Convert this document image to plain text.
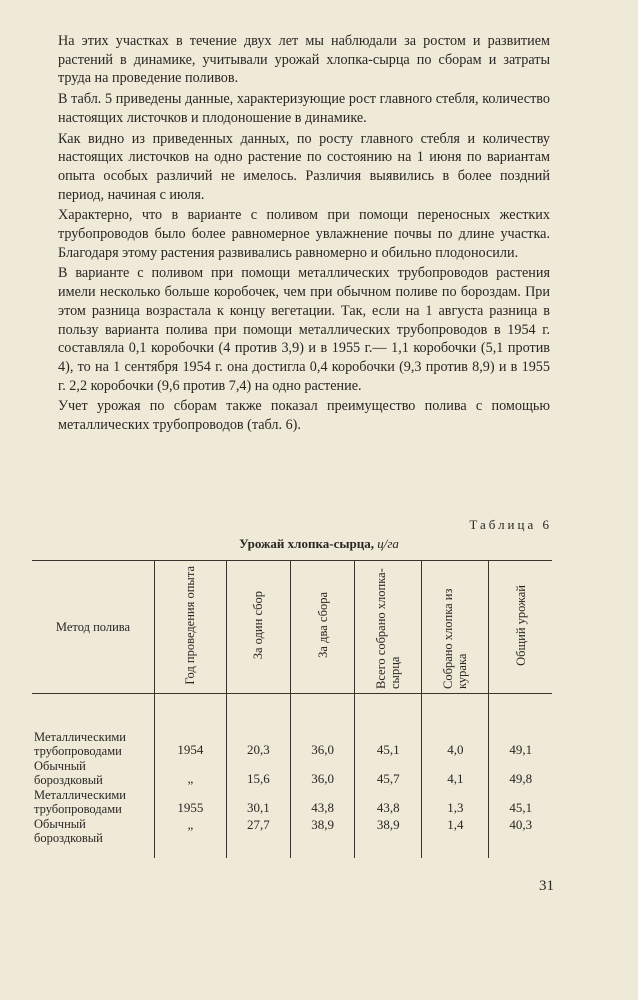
На этих участках в течение двух лет мы наблюдали за ростом и развитием растений в динамике, учитывали урожай хлопка-сырца по сборам и затраты труда на проведение поливов.

В табл. 5 приведены данные, характеризующие рост главного стебля, количество настоящих листочков и плодоношение в динамике.

Как видно из приведенных данных, по росту главного стебля и количеству настоящих листочков на одно растение по состоянию на 1 июня по вариантам опыта особых различий не имелось. Различия выявились в более поздний период, начиная с июля.

Характерно, что в варианте с поливом при помощи переносных жестких трубопроводов было более равномерное увлажнение почвы по длине участка. Благодаря этому растения развивались равномерно и обильно плодоносили.

В варианте с поливом при помощи металлических трубопроводов растения имели несколько больше коробочек, чем при обычном поливе по бороздам. При этом разница возрастала к концу вегетации. Так, если на 1 августа разница в пользу варианта полива при помощи металлических трубопроводов в 1954 г. составляла 0,1 коробочки (4 против 3,9) и в 1955 г.— 1,1 коробочки (5,1 против 4), то на 1 сентября 1954 г. она достигла 0,4 коробочки (9,3 против 8,9) и в 1955 г. 2,2 коробочки (9,6 против 7,4) на одно растение.

Учет урожая по сборам также показал преимущество полива с помощью металлических трубопроводов (табл. 6).

Таблица 6
Урожай хлопка-сырца, ц/га
Метод полива	Год проведения опыта	За один сбор	За два сбора	Всего собрано хлопка-сырца	Собрано хлопка из курака	Общий урожай
Металлическими трубопроводами	1954	20,3	36,0	45,1	4,0	49,1
Обычный бороздковый	„	15,6	36,0	45,7	4,1	49,8
Металлическими трубопроводами	1955	30,1	43,8	43,8	1,3	45,1
Обычный бороздковый	„	27,7	38,9	38,9	1,4	40,3
31
